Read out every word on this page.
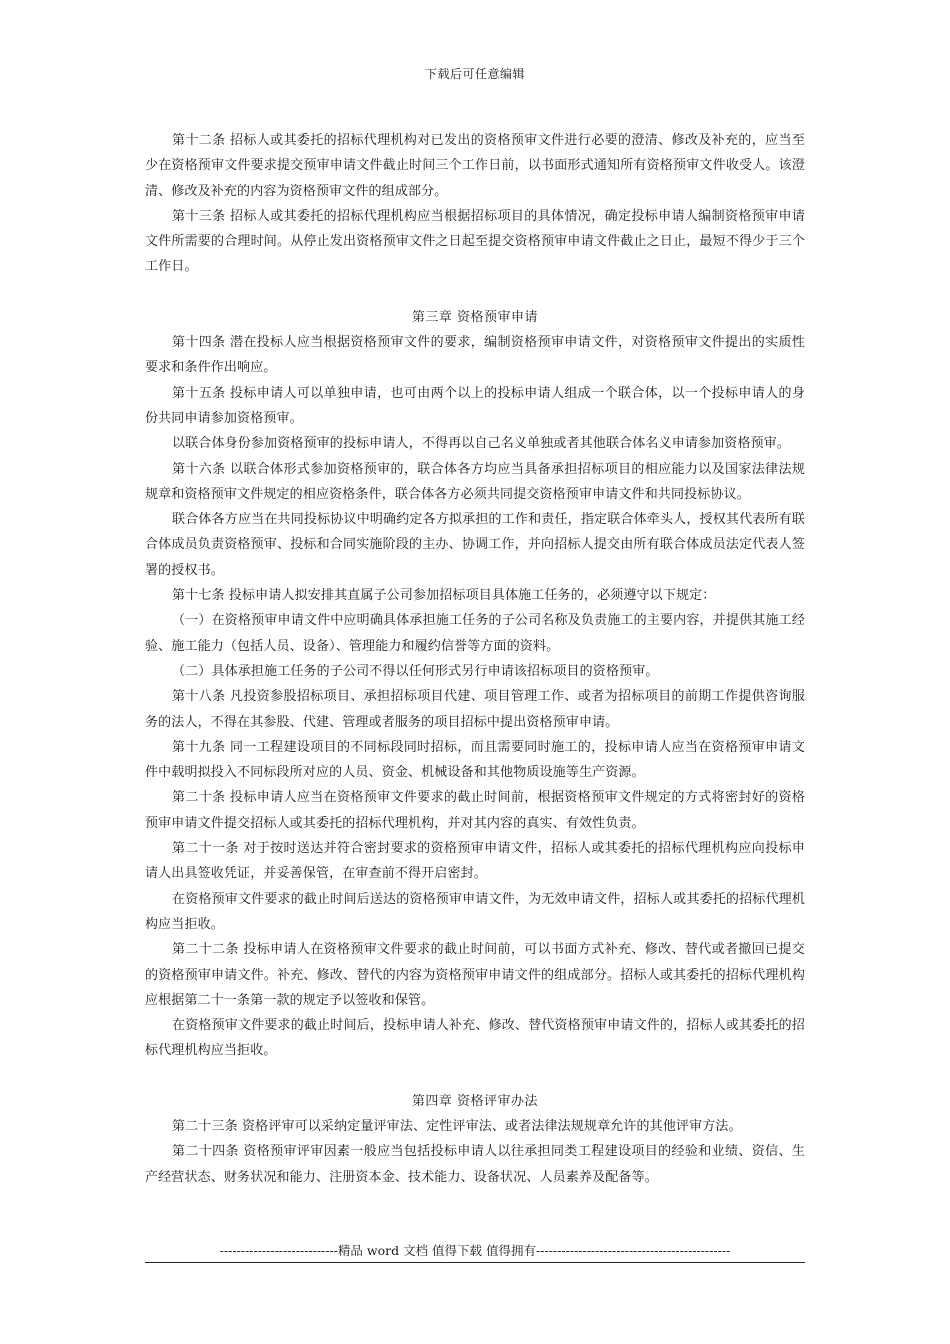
下载后可任意编辑

第十二条 招标人或其委托的招标代理机构对已发出的资格预审文件进行必要的澄清、修改及补充的，应当至少在资格预审文件要求提交预审申请文件截止时间三个工作日前，以书面形式通知所有资格预审文件收受人。该澄清、修改及补充的内容为资格预审文件的组成部分。

第十三条 招标人或其委托的招标代理机构应当根据招标项目的具体情况，确定投标申请人编制资格预审申请文件所需要的合理时间。从停止发出资格预审文件之日起至提交资格预审申请文件截止之日止，最短不得少于三个工作日。

第三章 资格预审申请

第十四条 潜在投标人应当根据资格预审文件的要求，编制资格预审申请文件，对资格预审文件提出的实质性要求和条件作出响应。

第十五条 投标申请人可以单独申请，也可由两个以上的投标申请人组成一个联合体，以一个投标申请人的身份共同申请参加资格预审。

以联合体身份参加资格预审的投标申请人，不得再以自己名义单独或者其他联合体名义申请参加资格预审。

第十六条 以联合体形式参加资格预审的，联合体各方均应当具备承担招标项目的相应能力以及国家法律法规规章和资格预审文件规定的相应资格条件，联合体各方必须共同提交资格预审申请文件和共同投标协议。

联合体各方应当在共同投标协议中明确约定各方拟承担的工作和责任，指定联合体牵头人，授权其代表所有联合体成员负责资格预审、投标和合同实施阶段的主办、协调工作，并向招标人提交由所有联合体成员法定代表人签署的授权书。

第十七条 投标申请人拟安排其直属子公司参加招标项目具体施工任务的，必须遵守以下规定：

（一）在资格预审申请文件中应明确具体承担施工任务的子公司名称及负责施工的主要内容，并提供其施工经验、施工能力（包括人员、设备）、管理能力和履约信誉等方面的资料。

（二）具体承担施工任务的子公司不得以任何形式另行申请该招标项目的资格预审。

第十八条 凡投资参股招标项目、承担招标项目代建、项目管理工作、或者为招标项目的前期工作提供咨询服务的法人，不得在其参股、代建、管理或者服务的项目招标中提出资格预审申请。

第十九条 同一工程建设项目的不同标段同时招标，而且需要同时施工的，投标申请人应当在资格预审申请文件中载明拟投入不同标段所对应的人员、资金、机械设备和其他物质设施等生产资源。

第二十条 投标申请人应当在资格预审文件要求的截止时间前，根据资格预审文件规定的方式将密封好的资格预审申请文件提交招标人或其委托的招标代理机构，并对其内容的真实、有效性负责。

第二十一条 对于按时送达并符合密封要求的资格预审申请文件，招标人或其委托的招标代理机构应向投标申请人出具签收凭证，并妥善保管，在审查前不得开启密封。

在资格预审文件要求的截止时间后送达的资格预审申请文件，为无效申请文件，招标人或其委托的招标代理机构应当拒收。

第二十二条 投标申请人在资格预审文件要求的截止时间前，可以书面方式补充、修改、替代或者撤回已提交的资格预审申请文件。补充、修改、替代的内容为资格预审申请文件的组成部分。招标人或其委托的招标代理机构应根据第二十一条第一款的规定予以签收和保管。

在资格预审文件要求的截止时间后，投标申请人补充、修改、替代资格预审申请文件的，招标人或其委托的招标代理机构应当拒收。

第四章 资格评审办法

第二十三条 资格评审可以采纳定量评审法、定性评审法、或者法律法规规章允许的其他评审方法。

第二十四条 资格预审评审因素一般应当包括投标申请人以往承担同类工程建设项目的经验和业绩、资信、生产经营状态、财务状况和能力、注册资本金、技术能力、设备状况、人员素养及配备等。

----------------------------精品 word 文档 值得下载 值得拥有----------------------------------------------
